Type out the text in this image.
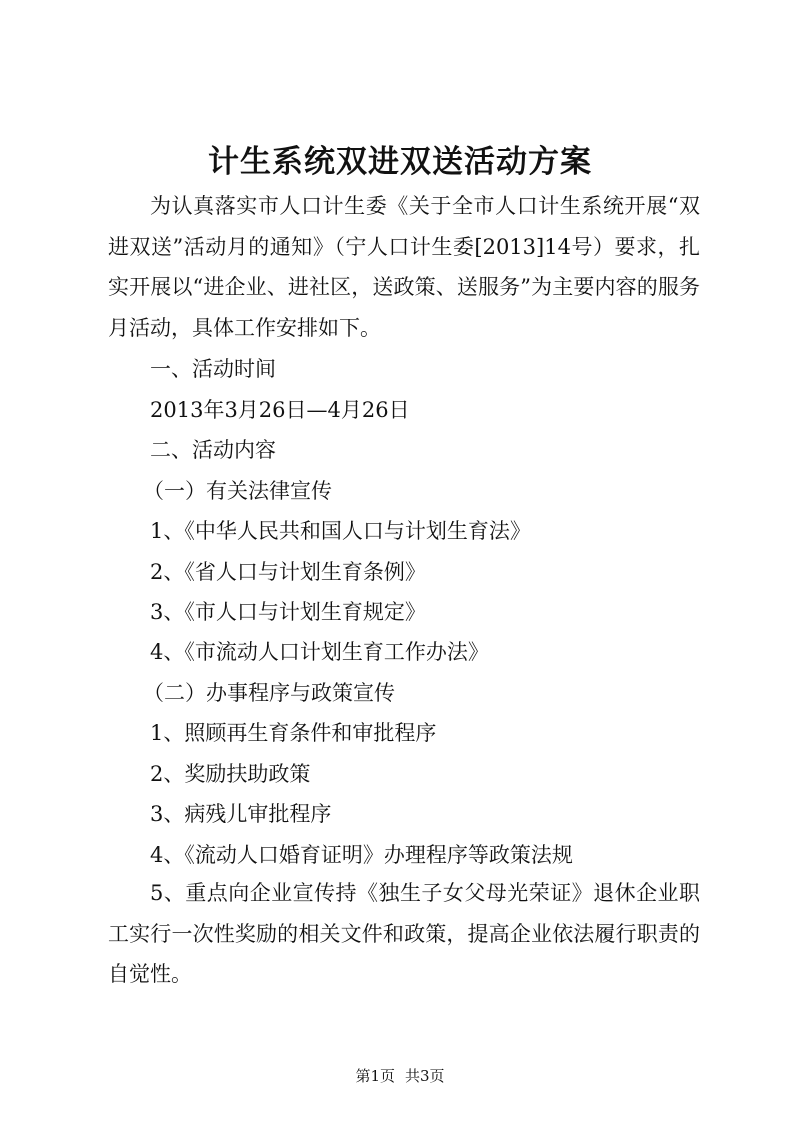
计生系统双进双送活动方案

为认真落实市人口计生委《关于全市人口计生系统开展“双进双送”活动月的通知》（宁人口计生委[2013]14号）要求，扎实开展以“进企业、进社区，送政策、送服务”为主要内容的服务月活动，具体工作安排如下。

一、活动时间

2013年3月26日—4月26日

二、活动内容

（一）有关法律宣传

1、《中华人民共和国人口与计划生育法》

2、《省人口与计划生育条例》

3、《市人口与计划生育规定》

4、《市流动人口计划生育工作办法》

（二）办事程序与政策宣传

1、照顾再生育条件和审批程序

2、奖励扶助政策

3、病残儿审批程序

4、《流动人口婚育证明》办理程序等政策法规

5、重点向企业宣传持《独生子女父母光荣证》退休企业职工实行一次性奖励的相关文件和政策，提高企业依法履行职责的自觉性。

第1页 共3页
